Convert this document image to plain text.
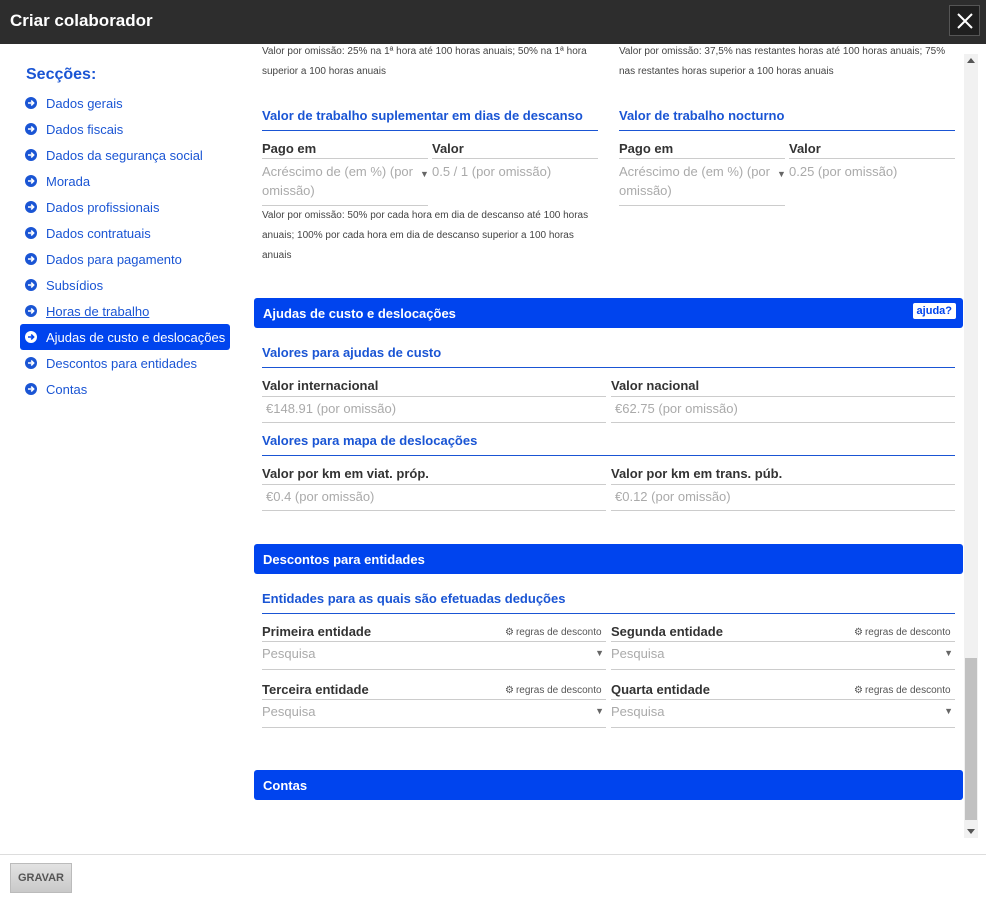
Criar colaborador
Secções:
Dados gerais
Dados fiscais
Dados da segurança social
Morada
Dados profissionais
Dados contratuais
Dados para pagamento
Subsídios
Horas de trabalho
Ajudas de custo e deslocações
Descontos para entidades
Contas
Valor por omissão: 25% na 1ª hora até 100 horas anuais; 50% na 1ª hora
superior a 100 horas anuais
Valor por omissão: 37,5% nas restantes horas até 100 horas anuais; 75%
nas restantes horas superior a 100 horas anuais
Valor de trabalho suplementar em dias de descanso
Pago em	Valor
Acréscimo de (em %) (por omissão)
▼ 0.5 / 1 (por omissão)
Valor por omissão: 50% por cada hora em dia de descanso até 100 horas anuais; 100% por cada hora em dia de descanso superior a 100 horas anuais
Valor de trabalho nocturno
Pago em	Valor
Acréscimo de (em %) (por omissão)
▼ 0.25 (por omissão)
Ajudas de custo e deslocações	ajuda?
Valores para ajudas de custo
Valor internacional
€148.91 (por omissão)
Valor nacional
€62.75 (por omissão)
Valores para mapa de deslocações
Valor por km em viat. próp.
€0.4 (por omissão)
Valor por km em trans. púb.
€0.12 (por omissão)
Descontos para entidades
Entidades para as quais são efetuadas deduções
Primeira entidade	⚙ regras de desconto
Pesquisa	▼
Segunda entidade	⚙ regras de desconto
Pesquisa	▼
Terceira entidade	⚙ regras de desconto
Pesquisa	▼
Quarta entidade	⚙ regras de desconto
Pesquisa	▼
Contas
GRAVAR
